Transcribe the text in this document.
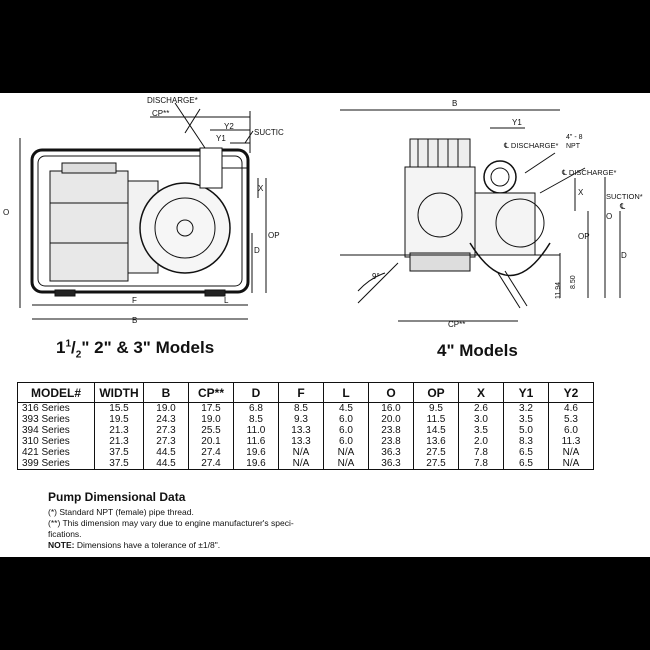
DISCHARGE*
CP**
Y2
Y1
SUCTIC
O
X
OP
D
F	L
B
B
Y1
4" - 8
NPT
℄ DISCHARGE*
℄ DISCHARGE*
X	SUCTION*
℄
O
OP
D
9°
11.94 8.50
CP**
$1^1/_2$" 2" & 3" Models	4" Models
MODEL#	WIDTH	B	CP**	D	F	L	O	OP	X	Y1	Y2
316 Series	15.5	19.0	17.5	6.8	8.5	4.5	16.0	9.5	2.6	3.2	4.6
393 Series	19.5	24.3	19.0	8.5	9.3	6.0	20.0	11.5	3.0	3.5	5.3
394 Series	21.3	27.3	25.5	11.0	13.3	6.0	23.8	14.5	3.5	5.0	6.0
310 Series	21.3	27.3	20.1	11.6	13.3	6.0	23.8	13.6	2.0	8.3	11.3
421 Series	37.5	44.5	27.4	19.6	N/A	N/A	36.3	27.5	7.8	6.5	N/A
399 Series	37.5	44.5	27.4	19.6	N/A	N/A	36.3	27.5	7.8	6.5	N/A
Pump Dimensional Data
(*) Standard NPT (female) pipe thread.
(**) This dimension may vary due to engine manufacturer's speci-
fications.
NOTE: Dimensions have a tolerance of ±1/8".
